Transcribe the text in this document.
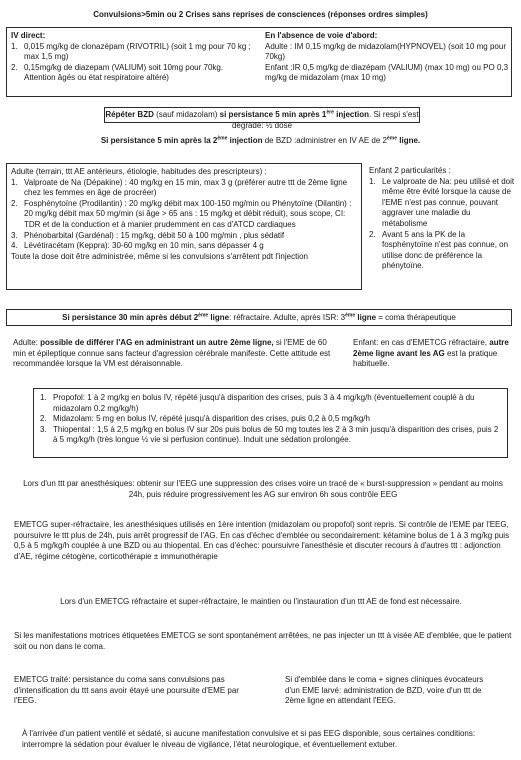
Convulsions>5min ou 2 Crises sans reprises de consciences (réponses ordres simples)
IV direct:
1. 0,015 mg/kg de clonazépam (RIVOTRIL) (soit 1 mg pour 70 kg ; max 1,5 mg)
2. 0,15mg/kg de diazepam (VALIUM) soit 10mg pour 70kg. Attention âgés ou état respiratoire altéré)
En l'absence de voie d'abord:
Adulte : IM 0,15 mg/kg de midazolam(HYPNOVEL) (soit 10 mg pour 70kg)
Enfant :IR 0,5 mg/kg de diazépam (VALIUM) (max 10 mg) ou PO 0,3 mg/kg de midazolam (max 10 mg)
Répéter BZD (sauf midazolam) si persistance 5 min après 1ère injection. Si respi s'est dégradé: ½ dose
Si persistance 5 min après la 2ème injection de BZD :administrer en IV AE de 2ème ligne.
Adulte (terrain, ttt AE antérieurs, étiologie, habitudes des prescripteurs) :
1. Valproate de Na (Dépakine) : 40 mg/kg en 15 min, max 3 g (préférer autre ttt de 2ème ligne chez les femmes en âge de procréer)
2. Fosphénytoïne (Prodilantin) : 20 mg/kg débit max 100-150 mg/min ou Phénytoïne (Dilantin) : 20 mg/kg débit max 50 mg/min (si âge > 65 ans : 15 mg/kg et débit réduit), sous scope, CI: TDR et de la conduction et à manier prudemment en cas d'ATCD cardiaques
3. Phénobarbital (Gardénal) : 15 mg/kg, débit 50 à 100 mg/min , plus sédatif
4. Lévétiracétam (Keppra): 30-60 mg/kg en 10 min, sans dépasser 4 g
Toute la dose doit être administrée, même si les convulsions s'arrêtent pdt l'injection
Enfant 2 particularités :
1. Le valproate de Na: peu utilisé et doit même être évité lorsque la cause de l'EME n'est pas connue, pouvant aggraver une maladie du métabolisme
2. Avant 5 ans la PK de la fosphénytoïne n'est pas connue, on utilise donc de préférence la phénytoïne.
Si persistance 30 min après début 2ème ligne: réfractaire. Adulte, après ISR: 3ème ligne = coma thérapeutique
Adulte: possible de différer l'AG en administrant un autre 2ème ligne, si l'EME de 60 min et épileptique connue sans facteur d'agression cérébrale manifeste. Cette attitude est recommandée lorsque la VM est déraisonnable.
Enfant: en cas d'EMETCG réfractaire, autre 2ème ligne avant les AG est la pratique habituelle.
1. Propofol: 1 à 2 mg/kg en bolus IV, répété jusqu'à disparition des crises, puis 3 à 4 mg/kg/h (éventuellement couplé à du midazolam 0.2 mg/kg/h)
2. Midazolam: 5 mg en bolus IV, répété jusqu'à disparition des crises, puis 0,2 à 0,5 mg/kg/h
3. Thiopental : 1,5 à 2,5 mg/kg en bolus IV sur 20s puis bolus de 50 mg toutes les 2 à 3 min jusqu'à disparition des crises, puis 2 à 5 mg/kg/h (très longue ½ vie si perfusion continue). Induit une sédation prolongée.
Lors d'un ttt par anesthésiques: obtenir sur l'EEG une suppression des crises voire un tracé de « burst-suppression » pendant au moins 24h, puis réduire progressivement les AG sur environ 6h sous contrôle EEG
EMETCG super-réfractaire, les anesthésiques utilisés en 1ère intention (midazolam ou propofol) sont repris. Si contrôle de l'EME par l'EEG, poursuivre le ttt plus de 24h, puis arrêt progressif de l'AG. En cas d'échec d'emblée ou secondairement: kétamine bolus de 1 à 3 mg/kg puis 0,5 à 5 mg/kg/h couplée à une BZD ou au thiopental. En cas d'échec: poursuivre l'anesthésie et discuter recours à d'autres ttt : adjonction d'AE, régime cétogène, corticothérapie ± immunothérapie
Lors d'un EMETCG réfractaire et super-réfractaire, le maintien ou l'instauration d'un ttt AE de fond est nécessaire.
Si les manifestations motrices étiquetées EMETCG se sont spontanément arrêtées, ne pas injecter un ttt à visée AE d'emblée, que le patient soit ou non dans le coma.
EMETCG traité: persistance du coma sans convulsions pas d'intensification du ttt sans avoir étayé une poursuite d'EME par l'EEG.
Si d'emblée dans le coma + signes cliniques évocateurs d'un EME larvé: administration de BZD, voire d'un ttt de 2ème ligne en attendant l'EEG.
À l'arrivée d'un patient ventilé et sédaté, si aucune manifestation convulsive et si pas EEG disponible, sous certaines conditions: interrompre la sédation pour évaluer le niveau de vigilance, l'état neurologique, et éventuellement extuber.
